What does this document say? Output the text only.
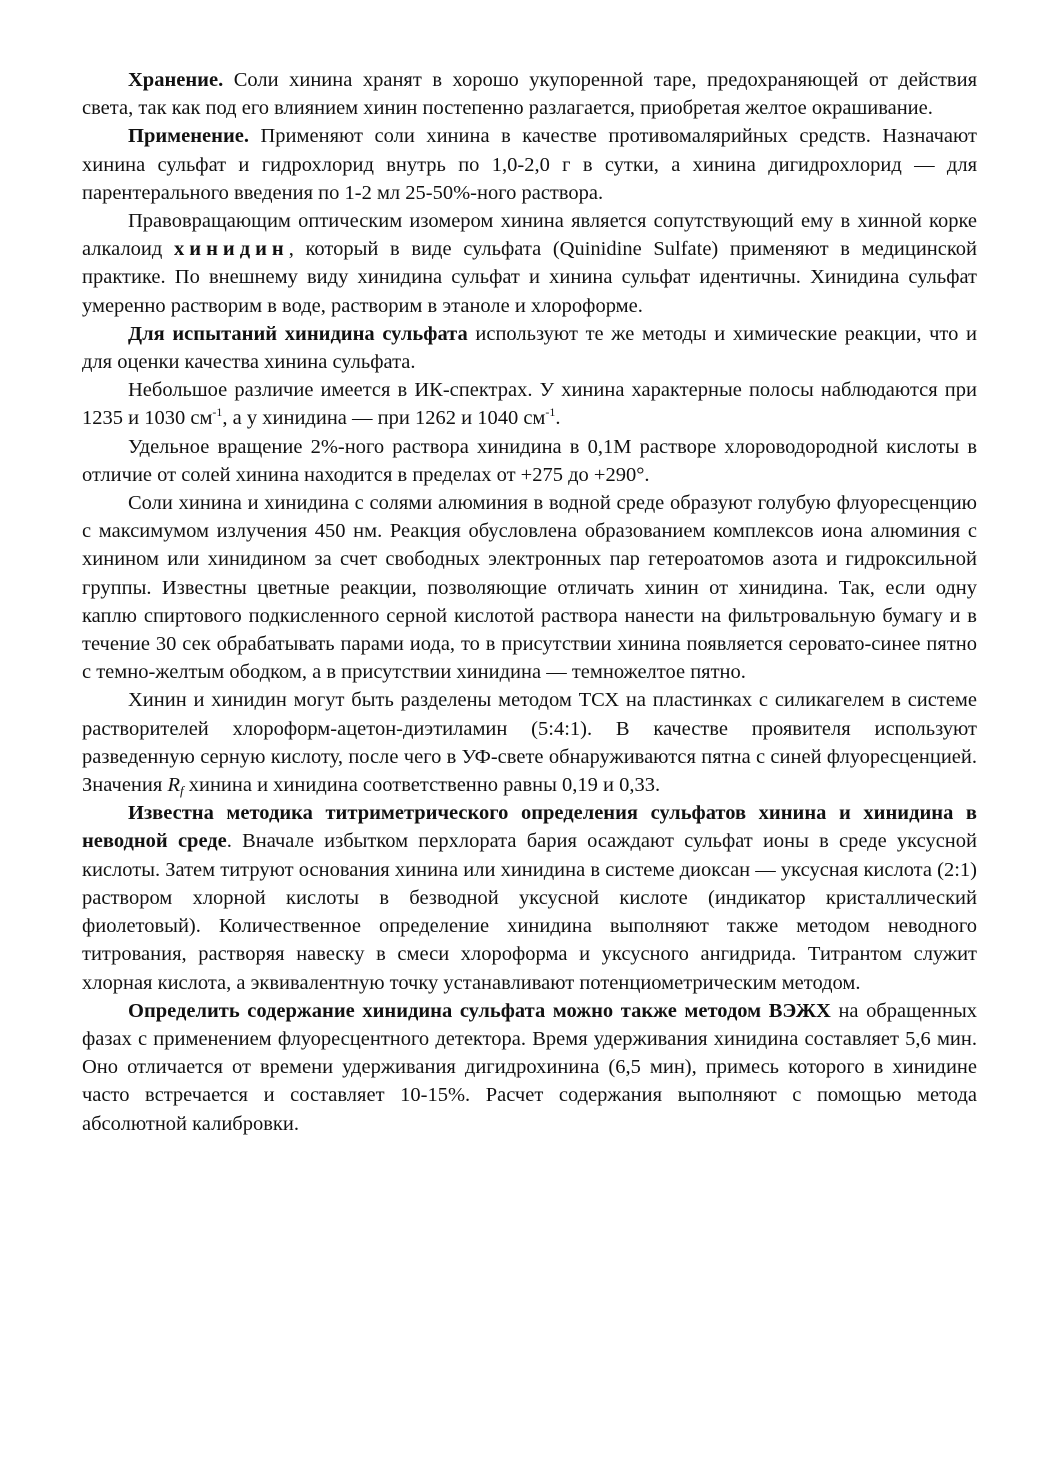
Хранение. Соли хинина хранят в хорошо укупоренной таре, предохраняющей от действия света, так как под его влиянием хинин постепенно разлагается, приобретая желтое окрашивание.

Применение. Применяют соли хинина в качестве противомалярийных средств. Назначают хинина сульфат и гидрохлорид внутрь по 1,0-2,0 г в сутки, а хинина дигидрохлорид — для парентерального введения по 1-2 мл 25-50%-ного раствора.

Правовращающим оптическим изомером хинина является сопутствующий ему в хинной корке алкалоид хинидин, который в виде сульфата (Quinidine Sulfate) применяют в медицинской практике. По внешнему виду хинидина сульфат и хинина сульфат идентичны. Хинидина сульфат умеренно растворим в воде, растворим в этаноле и хлороформе.

Для испытаний хинидина сульфата используют те же методы и химические реакции, что и для оценки качества хинина сульфата.

Небольшое различие имеется в ИК-спектрах. У хинина характерные полосы наблюдаются при 1235 и 1030 $см^{-1}$, а у хинидина — при 1262 и 1040 $см^{-1}$.

Удельное вращение 2%-ного раствора хинидина в 0,1М растворе хлороводородной кислоты в отличие от солей хинина находится в пределах от +275 до +290°.

Соли хинина и хинидина с солями алюминия в водной среде образуют голубую флуоресценцию с максимумом излучения 450 нм. Реакция обусловлена образованием комплексов иона алюминия с хинином или хинидином за счет свободных электронных пар гетероатомов азота и гидроксильной группы. Известны цветные реакции, позволяющие отличать хинин от хинидина. Так, если одну каплю спиртового подкисленного серной кислотой раствора нанести на фильтровальную бумагу и в течение 30 сек обрабатывать парами иода, то в присутствии хинина появляется серовато-синее пятно с темно-желтым ободком, а в присутствии хинидина — темножелтое пятно.

Хинин и хинидин могут быть разделены методом ТСХ на пластинках с силикагелем в системе растворителей хлороформ-ацетон-диэтиламин (5:4:1). В качестве проявителя используют разведенную серную кислоту, после чего в УФ-свете обнаруживаются пятна с синей флуоресценцией. Значения $R_f$ хинина и хинидина соответственно равны 0,19 и 0,33.

Известна методика титриметрического определения сульфатов хинина и хинидина в неводной среде. Вначале избытком перхлората бария осаждают сульфат ионы в среде уксусной кислоты. Затем титруют основания хинина или хинидина в системе диоксан — уксусная кислота (2:1) раствором хлорной кислоты в безводной уксусной кислоте (индикатор кристаллический фиолетовый). Количественное определение хинидина выполняют также методом неводного титрования, растворяя навеску в смеси хлороформа и уксусного ангидрида. Титрантом служит хлорная кислота, а эквивалентную точку устанавливают потенциометрическим методом.

Определить содержание хинидина сульфата можно также методом ВЭЖХ на обращенных фазах с применением флуоресцентного детектора. Время удерживания хинидина составляет 5,6 мин. Оно отличается от времени удерживания дигидрохинина (6,5 мин), примесь которого в хинидине часто встречается и составляет 10-15%. Расчет содержания выполняют с помощью метода абсолютной калибровки.
